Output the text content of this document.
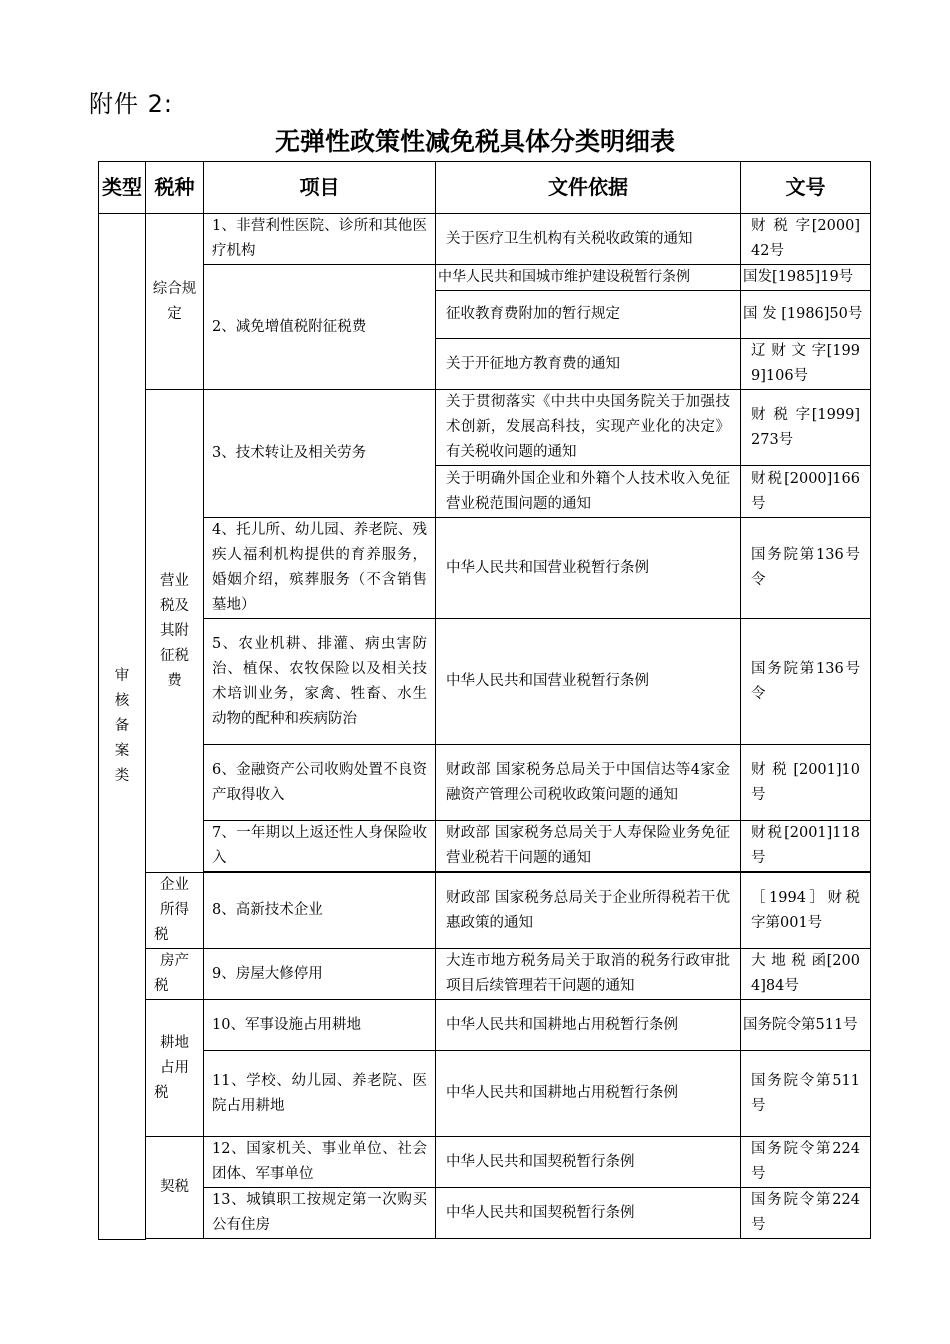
附件 2:
无弹性政策性减免税具体分类明细表
类型	税种	项目	文件依据	文号
审核备案类	综合规定	1、非营利性医院、诊所和其他医疗机构	关于医疗卫生机构有关税收政策的通知	财 税 字[2000]42号
		2、减免增值税附征税费	中华人民共和国城市维护建设税暂行条例	国发[1985]19号
			征收教育费附加的暂行规定	国 发 [1986]50号
			关于开征地方教育费的通知	辽 财 文 字[1999]106号
	营业税及其附征税费	3、技术转让及相关劳务	关于贯彻落实《中共中央国务院关于加强技术创新，发展高科技，实现产业化的决定》有关税收问题的通知	财 税 字[1999]273号
			关于明确外国企业和外籍个人技术收入免征营业税范围问题的通知	财税[2000]166号
		4、托儿所、幼儿园、养老院、残疾人福利机构提供的育养服务，婚姻介绍，殡葬服务（不含销售墓地）	中华人民共和国营业税暂行条例	国务院第136号令
		5、农业机耕、排灌、病虫害防治、植保、农牧保险以及相关技术培训业务，家禽、牲畜、水生动物的配种和疾病防治	中华人民共和国营业税暂行条例	国务院第136号令
		6、金融资产公司收购处置不良资产取得收入	财政部 国家税务总局关于中国信达等4家金融资产管理公司税收政策问题的通知	财税[2001]10号
		7、一年期以上返还性人身保险收入	财政部 国家税务总局关于人寿保险业务免征营业税若干问题的通知	财税[2001]118号

	企业所得税	8、高新技术企业	财政部 国家税务总局关于企业所得税若干优惠政策的通知	［1994］财税字第001号
	房产税	9、房屋大修停用	大连市地方税务局关于取消的税务行政审批项目后续管理若干问题的通知	大 地 税 函[2004]84号
	耕地占用税	10、军事设施占用耕地	中华人民共和国耕地占用税暂行条例	国务院令第511号
		11、学校、幼儿园、养老院、医院占用耕地	中华人民共和国耕地占用税暂行条例	国务院令第511号
	契税	12、国家机关、事业单位、社会团体、军事单位	中华人民共和国契税暂行条例	国务院令第224号
		13、城镇职工按规定第一次购买公有住房	中华人民共和国契税暂行条例	国务院令第224号
